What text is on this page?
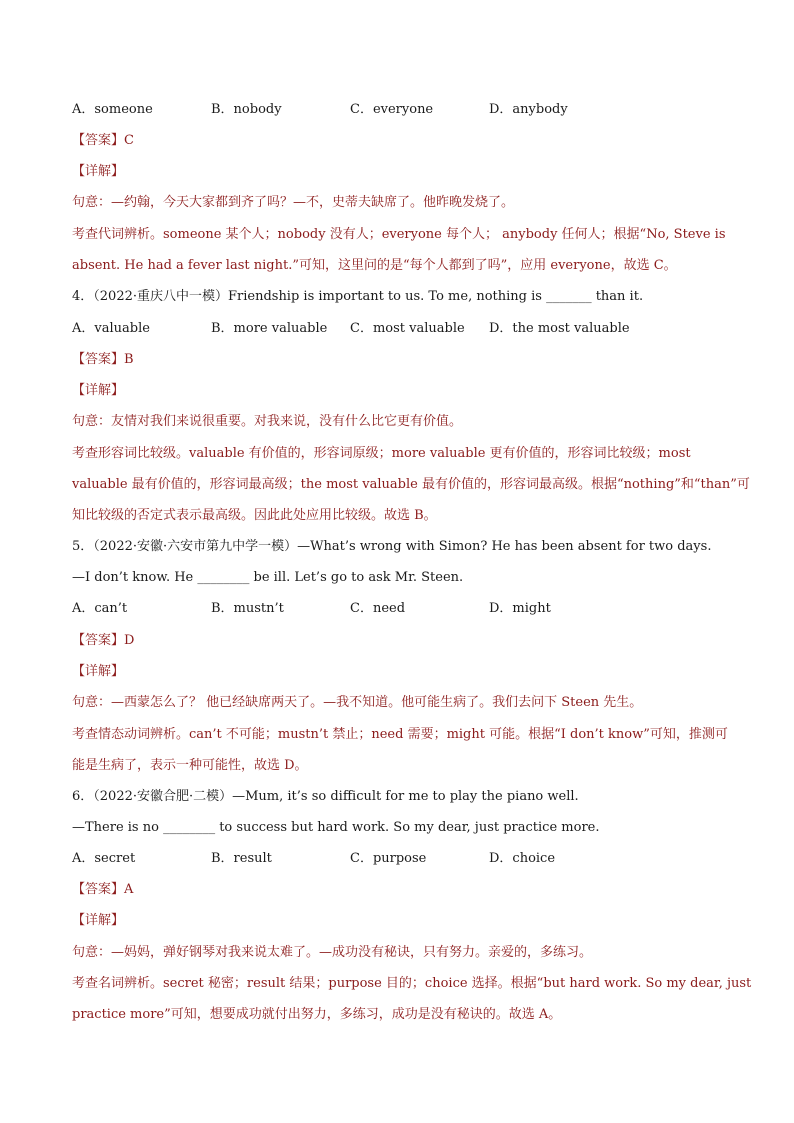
A．someone	B．nobody	C．everyone	D．anybody
【答案】C
【详解】
句意：—约翰，今天大家都到齐了吗？—不，史蒂夫缺席了。他昨晚发烧了。
考查代词辨析。someone 某个人；nobody 没有人；everyone 每个人； anybody 任何人；根据“No, Steve is
absent. He had a fever last night.”可知，这里问的是“每个人都到了吗”，应用 everyone，故选 C。
4．（2022·重庆八中一模）Friendship is important to us. To me, nothing is _______ than it.
A．valuable	B．more valuable	C．most valuable	D．the most valuable
【答案】B
【详解】
句意：友情对我们来说很重要。对我来说，没有什么比它更有价值。
考查形容词比较级。valuable 有价值的，形容词原级；more valuable 更有价值的，形容词比较级；most
valuable 最有价值的，形容词最高级；the most valuable 最有价值的，形容词最高级。根据“nothing”和“than”可
知比较级的否定式表示最高级。因此此处应用比较级。故选 B。
5．（2022·安徽·六安市第九中学一模）—What’s wrong with Simon? He has been absent for two days.
—I don’t know. He ________ be ill. Let’s go to ask Mr. Steen.
A．can’t	B．mustn’t	C．need	D．might
【答案】D
【详解】
句意：—西蒙怎么了？ 他已经缺席两天了。—我不知道。他可能生病了。我们去问下 Steen 先生。
考查情态动词辨析。can’t 不可能；mustn’t 禁止；need 需要；might 可能。根据“I don’t know”可知，推测可
能是生病了，表示一种可能性，故选 D。
6．（2022·安徽合肥·二模）—Mum, it’s so difficult for me to play the piano well.
—There is no ________ to success but hard work. So my dear, just practice more.
A．secret	B．result	C．purpose	D．choice
【答案】A
【详解】
句意：—妈妈，弹好钢琴对我来说太难了。—成功没有秘诀，只有努力。亲爱的，多练习。
考查名词辨析。secret 秘密；result 结果；purpose 目的；choice 选择。根据“but hard work. So my dear, just
practice more”可知，想要成功就付出努力，多练习，成功是没有秘诀的。故选 A。
